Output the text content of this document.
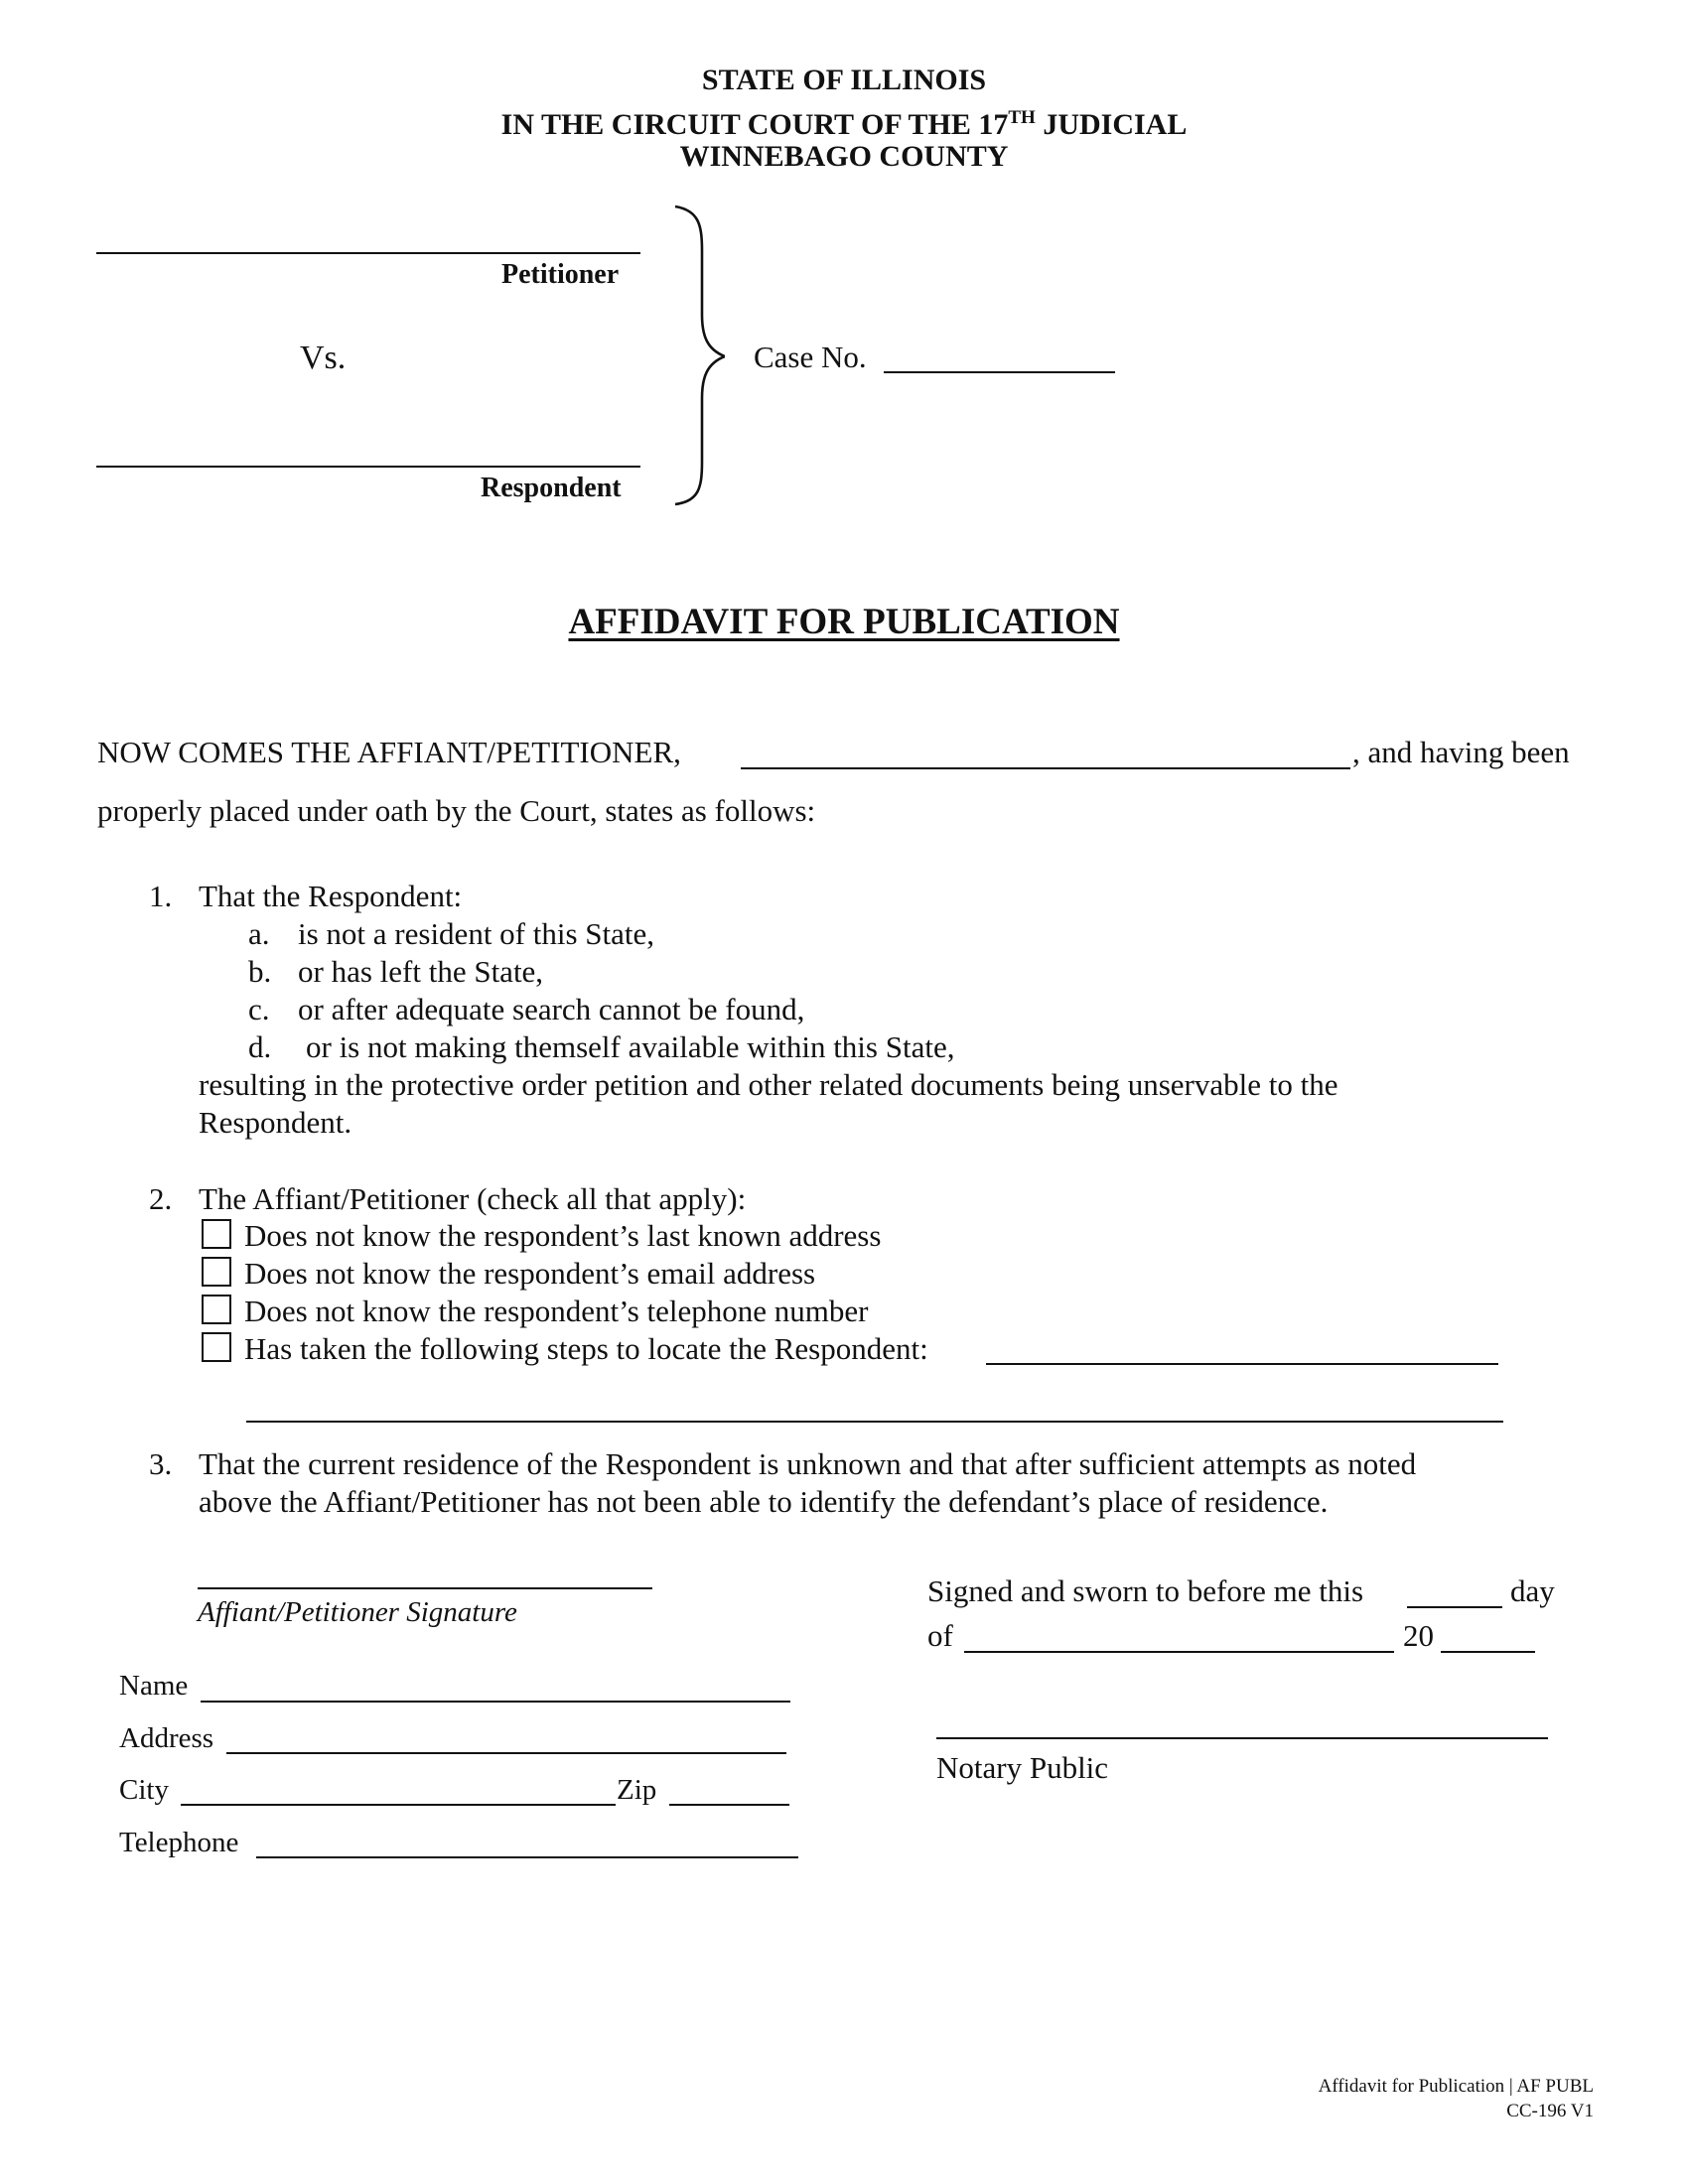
STATE OF ILLINOIS
IN THE CIRCUIT COURT OF THE 17TH JUDICIAL
WINNEBAGO COUNTY
Petitioner
Vs.
Respondent
Case No.
AFFIDAVIT FOR PUBLICATION
NOW COMES THE AFFIANT/PETITIONER,	, and having been
properly placed under oath by the Court, states as follows:
1. That the Respondent:
a. is not a resident of this State,
b. or has left the State,
c. or after adequate search cannot be found,
d. or is not making themself available within this State,
resulting in the protective order petition and other related documents being unservable to the
Respondent.
2. The Affiant/Petitioner (check all that apply):
Does not know the respondent’s last known address
Does not know the respondent’s email address
Does not know the respondent’s telephone number
Has taken the following steps to locate the Respondent:
3. That the current residence of the Respondent is unknown and that after sufficient attempts as noted
above the Affiant/Petitioner has not been able to identify the defendant’s place of residence.
Affiant/Petitioner Signature
Name
Address
City	Zip
Telephone
Signed and sworn to before me this	day
of	20
Notary Public
Affidavit for Publication | AF PUBL
CC-196 V1
